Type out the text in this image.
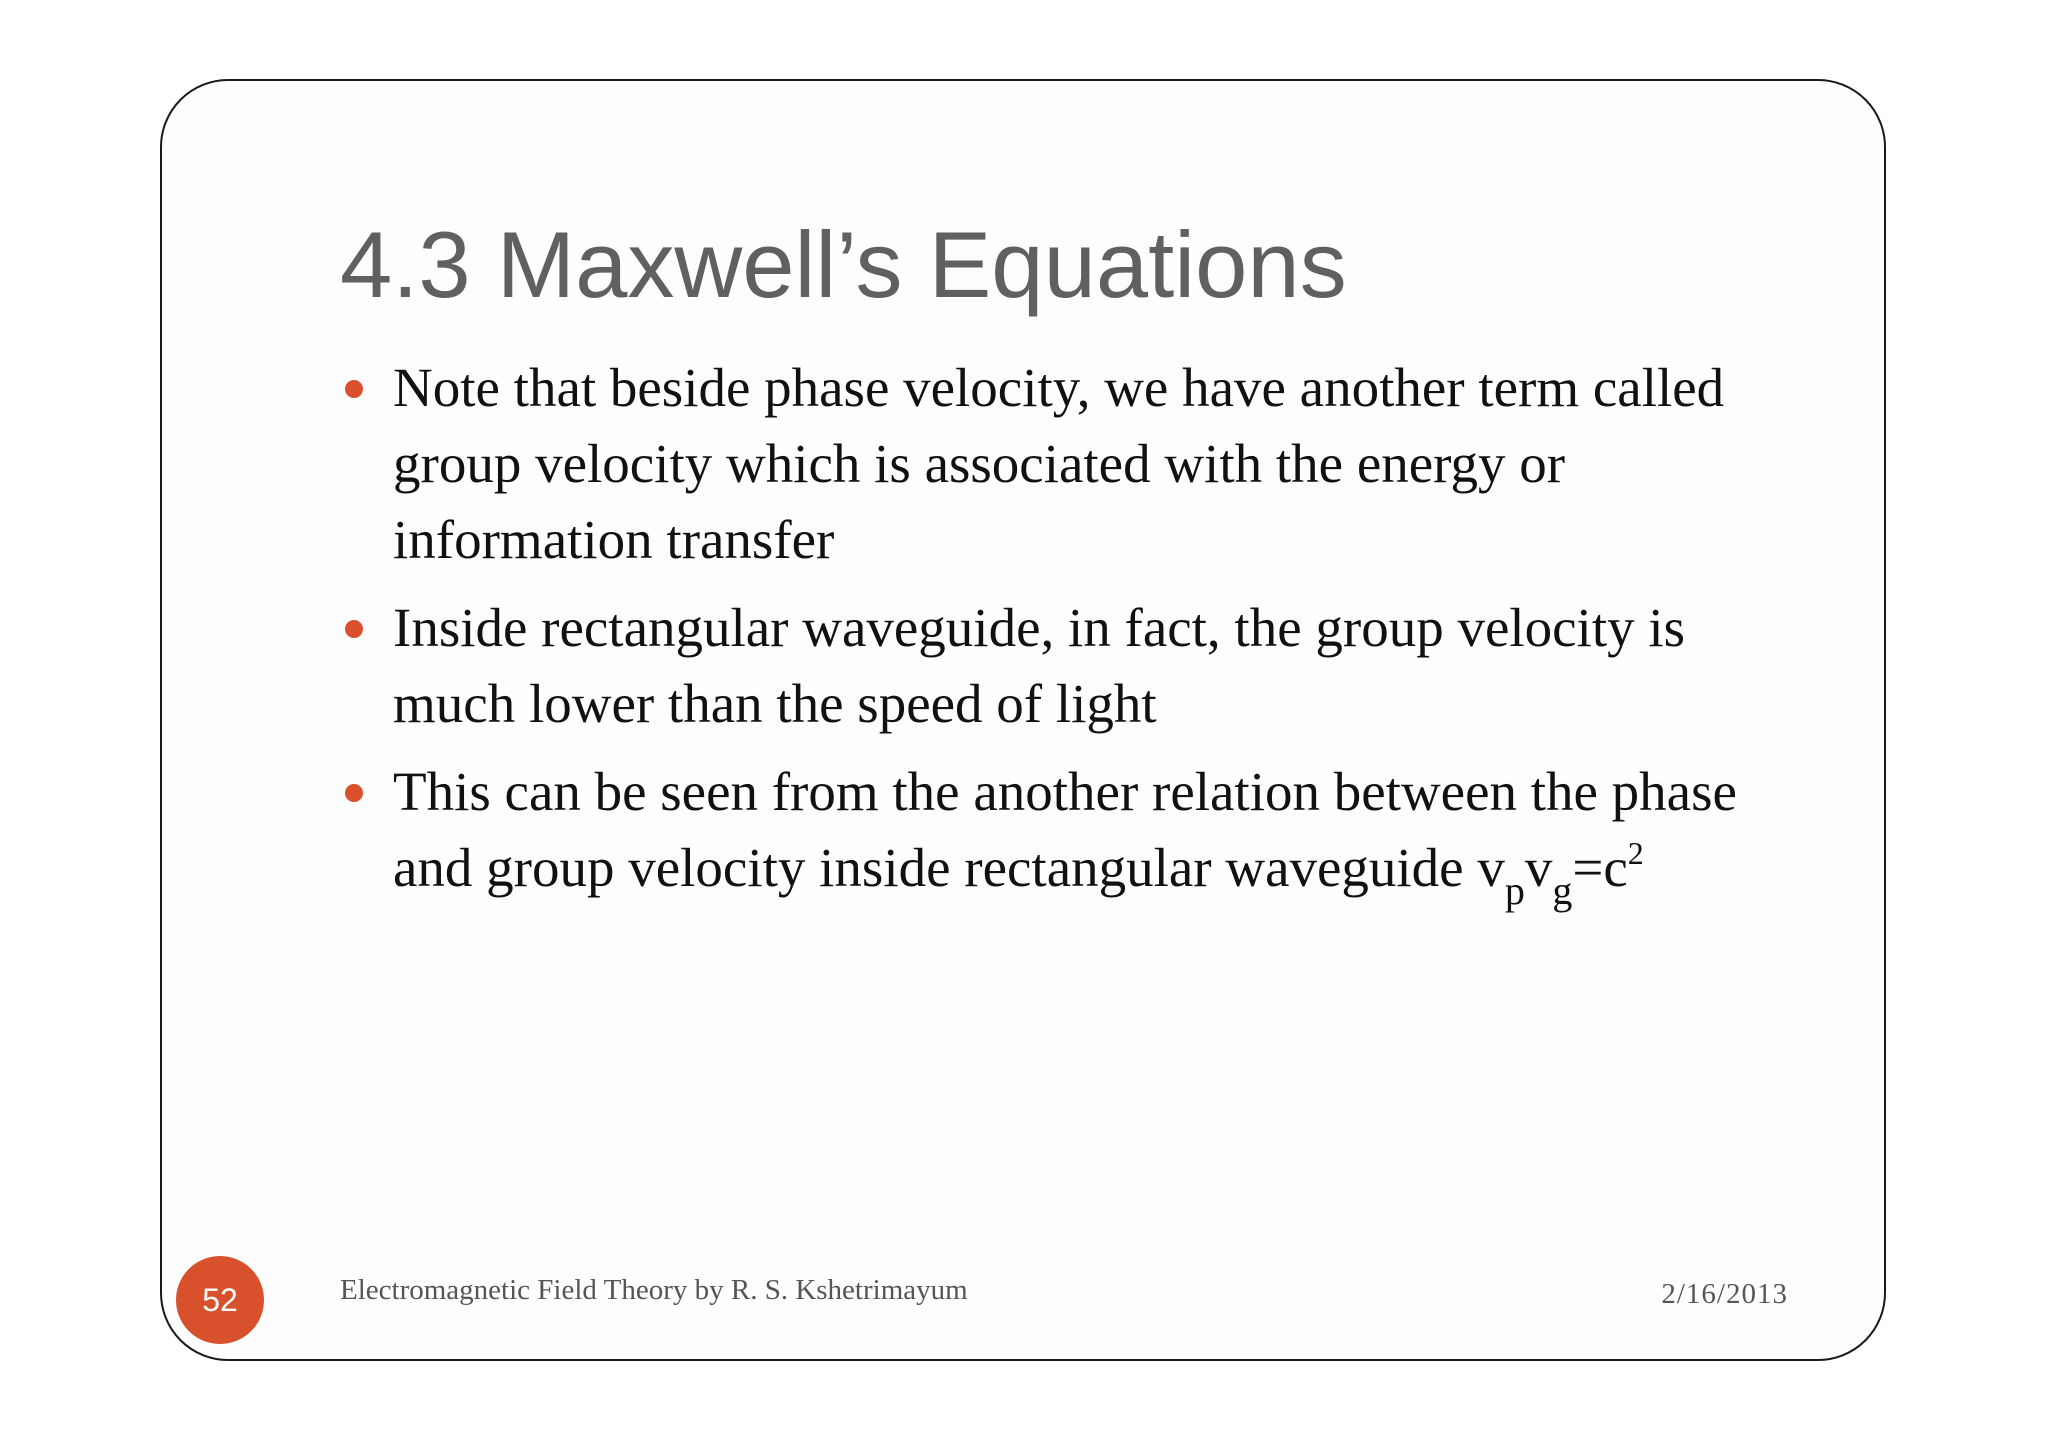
4.3 Maxwell’s Equations
Note that beside phase velocity, we have another term called group velocity which is associated with the energy or information transfer
Inside rectangular waveguide, in fact, the group velocity is much lower than the speed of light
This can be seen from the another relation between the phase and group velocity inside rectangular waveguide $v_pv_g=c^2$
52	Electromagnetic Field Theory by R. S. Kshetrimayum	2/16/2013
